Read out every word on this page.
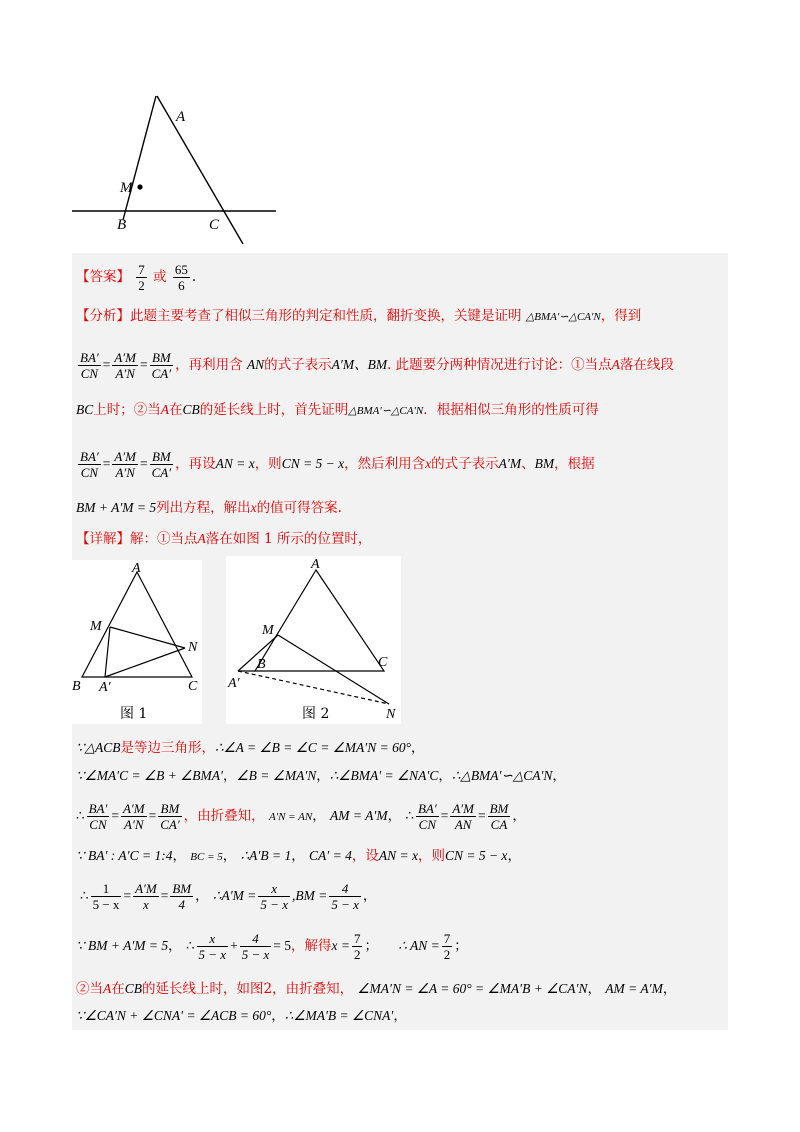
A
M
B	C
【答案】 $\frac{7}{2}$ 或 $\frac{65}{6}$ .
【分析】此题主要考查了相似三角形的判定和性质，翻折变换，关键是证明 △BMA′∽△CA′N，得到
$\frac{BA'}{CN} = \frac{A'M}{A'N} = \frac{BM}{CA'}$ ，再利用含 AN的式子表示A′M、BM. 此题要分两种情况进行讨论：①当点A落在线段
BC上时；②当A在CB的延长线上时，首先证明△BMA′∽△CA′N．根据相似三角形的性质可得
$\frac{BA'}{CN} = \frac{A'M}{A'N} = \frac{BM}{CA'}$ ，再设AN = x，则CN = 5 − x，然后利用含x的式子表示A′M、BM，根据
BM + A′M = 5列出方程，解出x的值可得答案.
【详解】解：①当点A落在如图 1 所示的位置时，
A
M
N
B A′	C
图 1
A
M
B	C
A′
N
图 2
∵△ACB是等边三角形，∴∠A = ∠B = ∠C = ∠MA′N = 60°，
∵∠MA′C = ∠B + ∠BMA′，∠B = ∠MA′N，∴∠BMA′ = ∠NA′C，∴△BMA′∽△CA′N，
∴ $\frac{BA'}{CN} = \frac{A'M}{A'N} = \frac{BM}{CA'}$ ，由折叠知， A′N = AN， AM = A′M， ∴ $\frac{BA'}{CN} = \frac{A'M}{AN} = \frac{BM}{CA}$ ，
∵ BA′ : A′C = 1:4， BC = 5， ∴A′B = 1， CA′ = 4，设AN = x，则CN = 5 − x，
∴ $\frac{1}{5 - x} = \frac{A'M}{x} = \frac{BM}{4}$ ， ∴A′M = $\frac{x}{5 - x} ,BM = \frac{4}{5 - x}$ ，
∵ BM + A′M = 5， ∴ $\frac{x}{5 - x} + \frac{4}{5 - x} = 5$，解得$x = \frac{7}{2}$ ； ∴ AN = $\frac{7}{2}$ ；
②当A在CB的延长线上时，如图2，由折叠知， ∠MA′N = ∠A = 60° = ∠MA′B + ∠CA′N， AM = A′M，
∵∠CA′N + ∠CNA′ = ∠ACB = 60°，∴∠MA′B = ∠CNA′，
